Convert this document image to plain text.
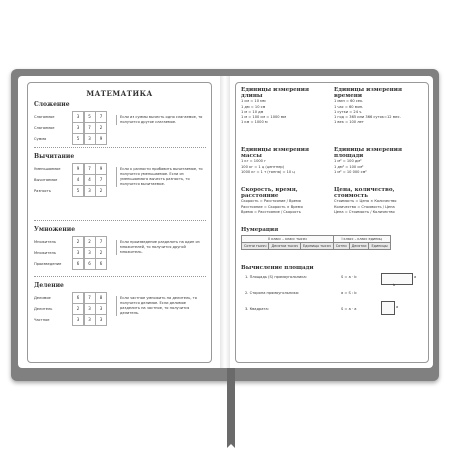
МАТЕМАТИКА
Сложение
Слагаемое	3	5	7
Слагаемое	3	7	2
Сумма	5	3	9
Если из суммы вычесть одно слагаемое, то получится другое слагаемое.
Вычитание
Уменьшаемое	9	7	9
Вычитаемое	4	4	7
Разность	5	3	2
Если к разности прибавить вычитаемое, то получится уменьшаемое. Если из уменьшаемого вычесть разность, то получится вычитаемое.
Умножение
Множитель	2	2	7
Множитель	3	3	2
Произведение	6	6	6
Если произведение разделить на один из множителей, то получится другой множитель.
Деление
Делимое	6	7	8
Делитель	2	3	3
Частное	3	3	3
Если частное умножить на делитель, то получится делимое. Если делимое разделить на частное, то получится делитель.
Единицы измерения длины
1 см = 10 мм
1 дм = 10 см
1 м = 10 дм
1 м = 100 см = 1000 мм
1 км = 1000 м
Единицы измерения времени
1 мин = 60 сек.
1 час = 60 мин.
1 сутки = 24 ч.
1 год = 365 или 366 суток=12 мес.
1 век = 100 лет
Единицы измерения массы
1 кг = 1000 г
100 кг = 1 ц (центнер)
1000 кг = 1 т (тонна) = 10 ц
Единицы измерения площади
1 м² = 100 дм²
1 дм² = 100 см²
1 м² = 10 000 см²
Скорость, время, расстояние
Скорость = Расстояние / Время
Расстояние = Скорость × Время
Время = Расстояние / Скорость
Цена, количество, стоимость
Стоимость = Цена × Количество
Количество = Стоимость / Цена
Цена = Стоимость / Количество
Нумерация
II класс – класс тысяч			I класс – класс единиц		
Сотни тысяч	Десятки тысяч	Единицы тысяч	Сотни	Десятки	Единицы
Вычисление площади
1. Площадь (S) прямоугольника:	S = a · b	a
b
2. Сторона прямоугольника:	a = S : b
3. Квадрата:	S = a · a	a
